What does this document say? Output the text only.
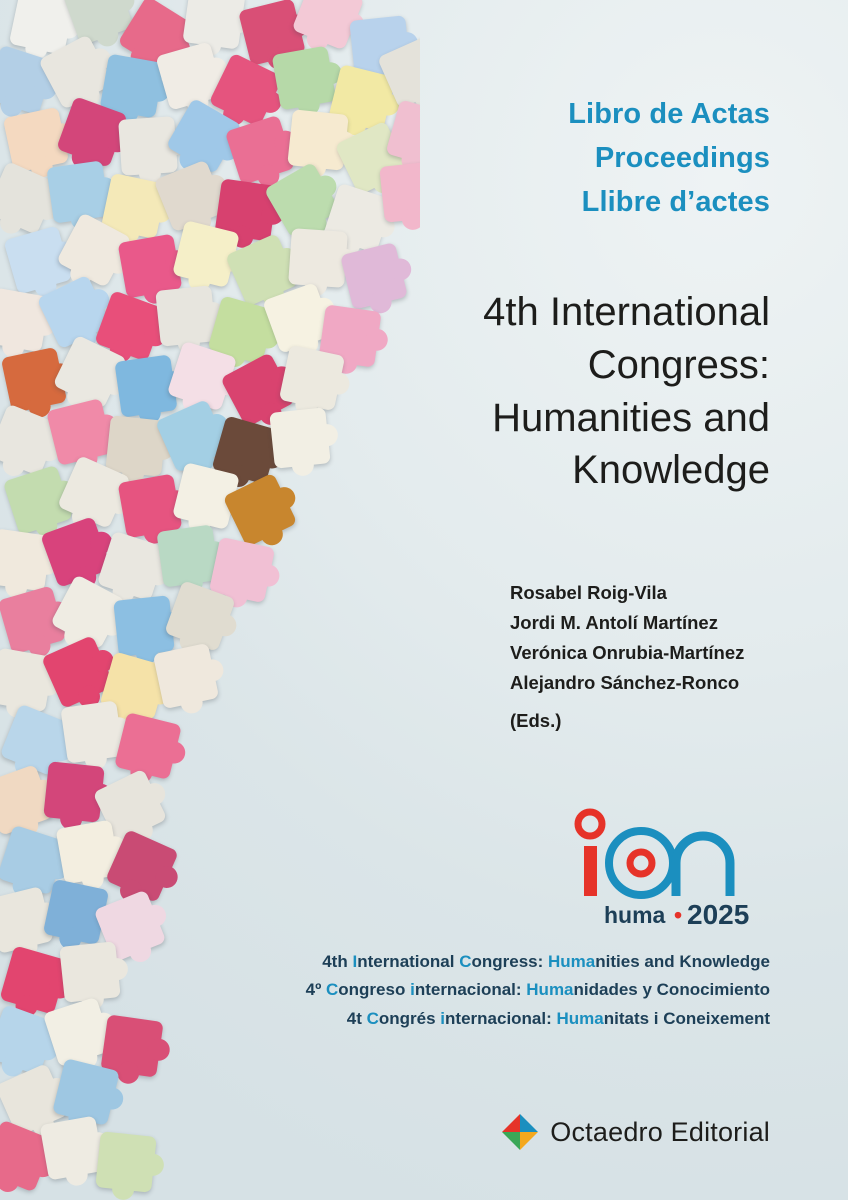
Libro de Actas
Proceedings
Llibre d’actes
4th International
Congress:
Humanities and
Knowledge
Rosabel Roig-Vila
Jordi M. Antolí Martínez
Verónica Onrubia-Martínez
Alejandro Sánchez-Ronco
(Eds.)
huma • 2025
4th International Congress: Humanities and Knowledge
4º Congreso internacional: Humanidades y Conocimiento
4t Congrés internacional: Humanitats i Coneixement
Octaedro Editorial
